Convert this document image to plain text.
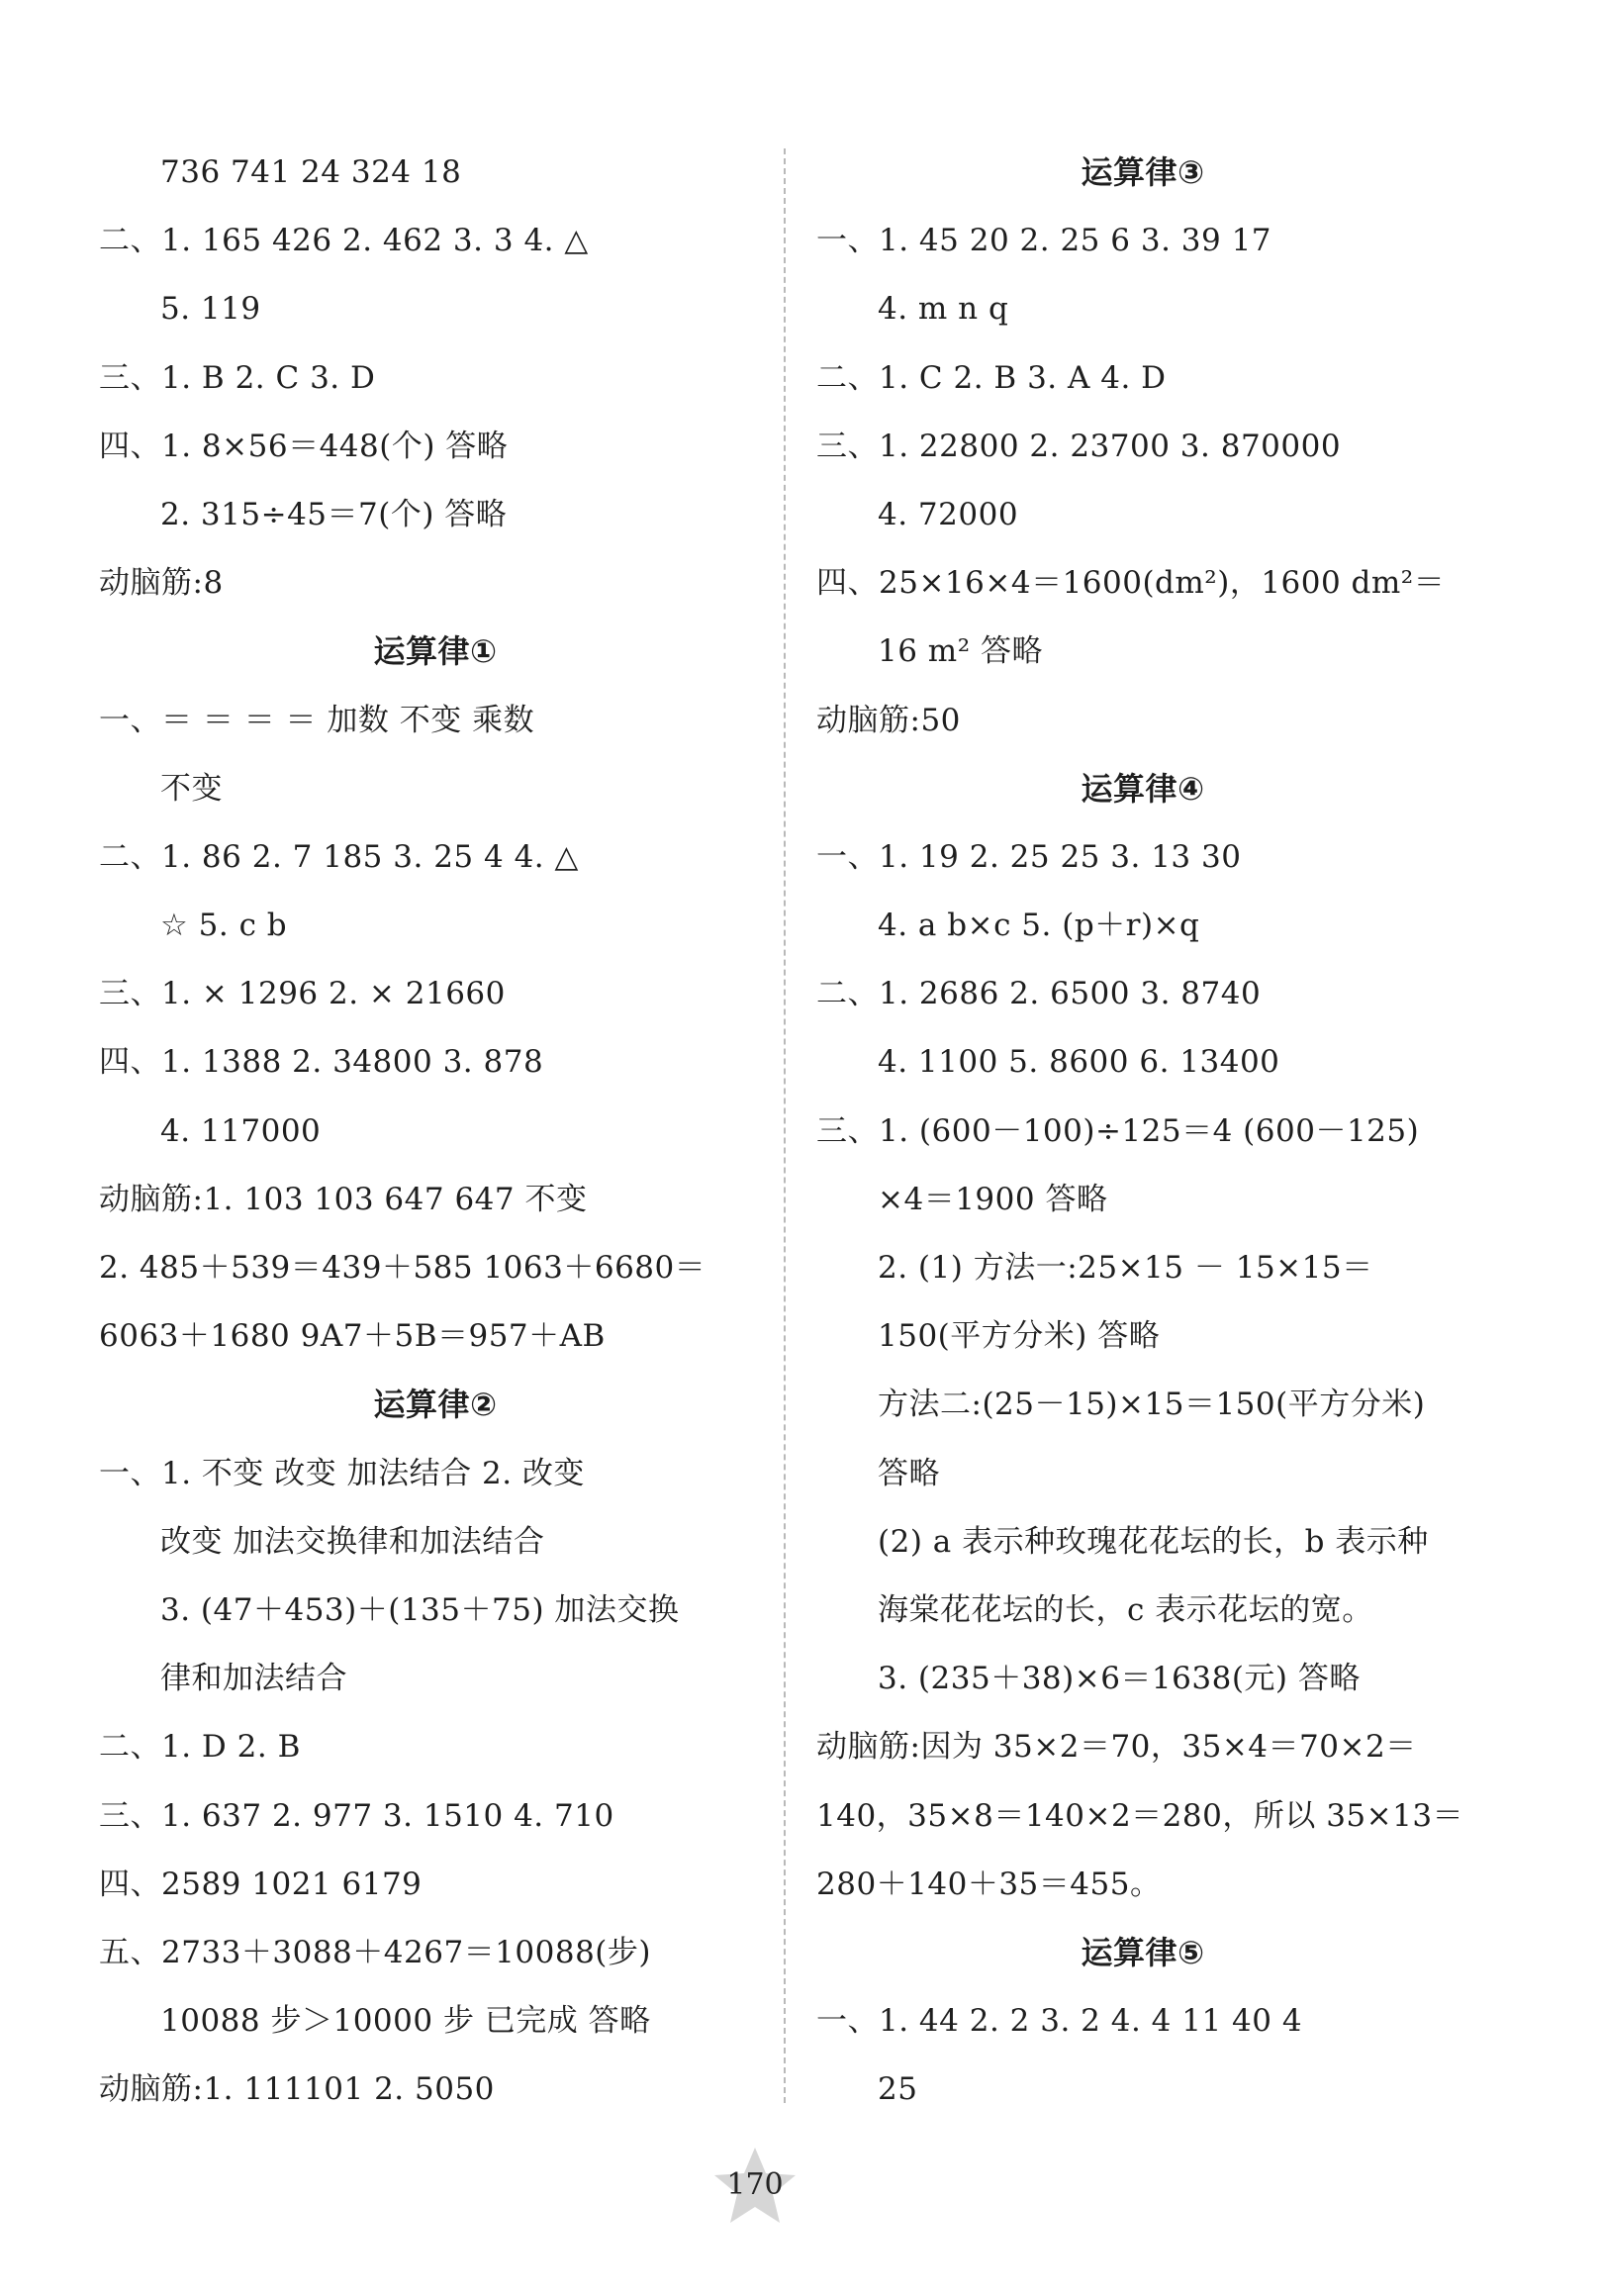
736 741 24 324 18
二、1. 165 426 2. 462 3. 3 4. △
5. 119
三、1. B 2. C 3. D
四、1. 8×56＝448(个) 答略
2. 315÷45＝7(个) 答略
动脑筋:8
运算律①
一、＝ ＝ ＝ ＝ 加数 不变 乘数
不变
二、1. 86 2. 7 185 3. 25 4 4. △
☆ 5. c b
三、1. × 1296 2. × 21660
四、1. 1388 2. 34800 3. 878
4. 117000
动脑筋:1. 103 103 647 647 不变
2. 485＋539＝439＋585 1063＋6680＝
6063＋1680 9A7＋5B＝957＋AB
运算律②
一、1. 不变 改变 加法结合 2. 改变
改变 加法交换律和加法结合
3. (47＋453)＋(135＋75) 加法交换
律和加法结合
二、1. D 2. B
三、1. 637 2. 977 3. 1510 4. 710
四、2589 1021 6179
五、2733＋3088＋4267＝10088(步)
10088 步＞10000 步 已完成 答略
动脑筋:1. 111101 2. 5050
运算律③
一、1. 45 20 2. 25 6 3. 39 17
4. m n q
二、1. C 2. B 3. A 4. D
三、1. 22800 2. 23700 3. 870000
4. 72000
四、25×16×4＝1600(dm²)，1600 dm²＝
16 m² 答略
动脑筋:50
运算律④
一、1. 19 2. 25 25 3. 13 30
4. a b×c 5. (p＋r)×q
二、1. 2686 2. 6500 3. 8740
4. 1100 5. 8600 6. 13400
三、1. (600－100)÷125＝4 (600－125)
×4＝1900 答略
2. (1) 方法一:25×15 － 15×15＝
150(平方分米) 答略
方法二:(25－15)×15＝150(平方分米)
答略
(2) a 表示种玫瑰花花坛的长，b 表示种
海棠花花坛的长，c 表示花坛的宽。
3. (235＋38)×6＝1638(元) 答略
动脑筋:因为 35×2＝70，35×4＝70×2＝
140，35×8＝140×2＝280，所以 35×13＝
280＋140＋35＝455。
运算律⑤
一、1. 44 2. 2 3. 2 4. 4 11 40 4
25
170
